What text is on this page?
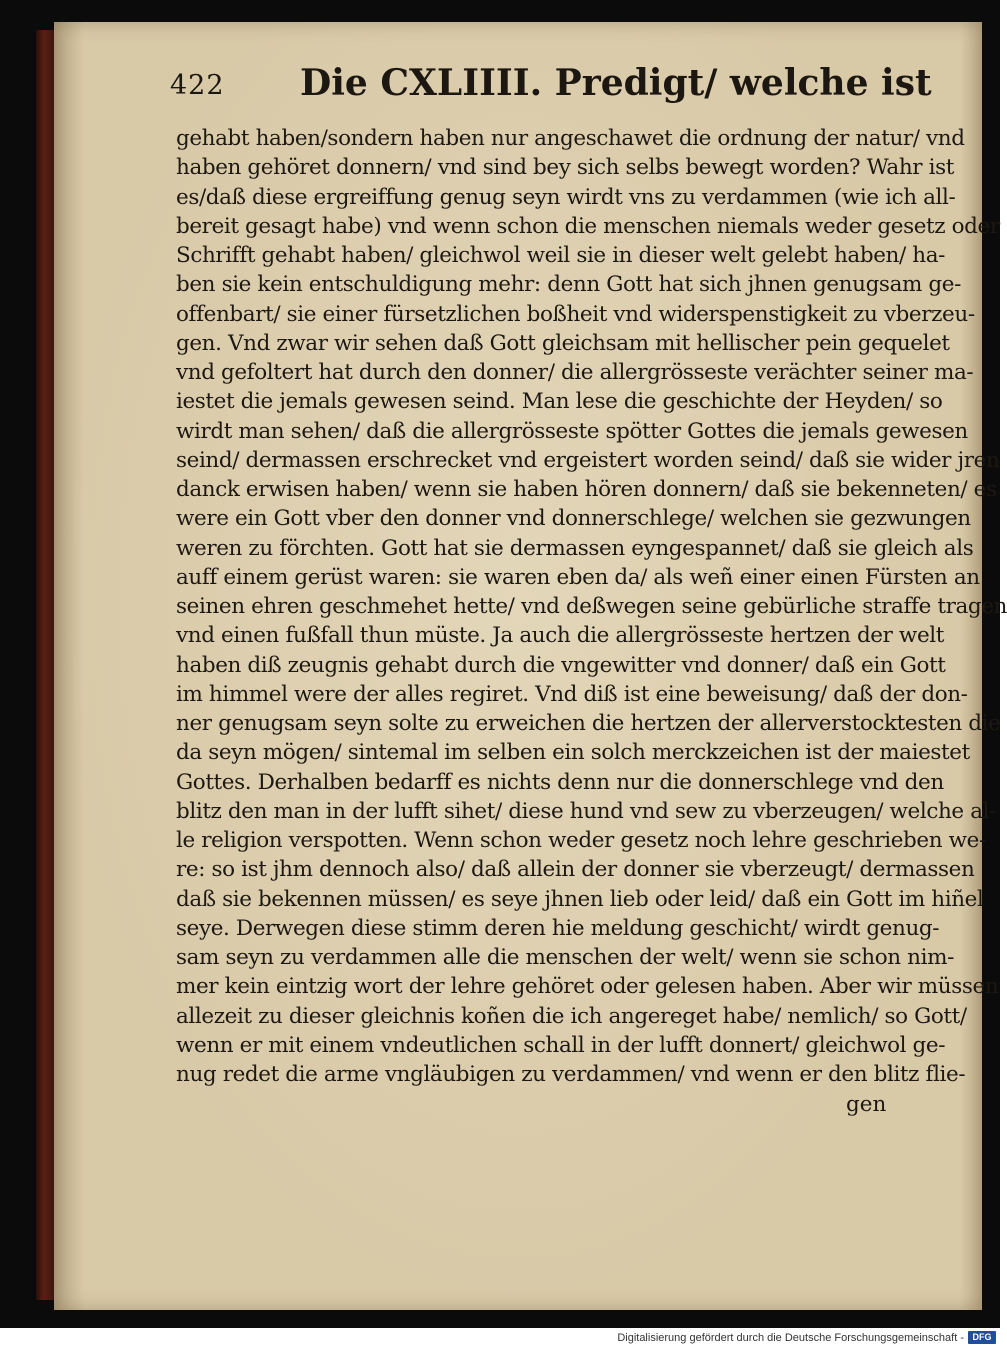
422 Die CXLIIII. Predigt/ welche ist
gehabt haben/sondern haben nur angeschawet die ordnung der natur/ vnd
haben gehöret donnern/ vnd sind bey sich selbs bewegt worden? Wahr ist
es/daß diese ergreiffung genug seyn wirdt vns zu verdammen (wie ich all-
bereit gesagt habe) vnd wenn schon die menschen niemals weder gesetz oder
Schrifft gehabt haben/ gleichwol weil sie in dieser welt gelebt haben/ ha-
ben sie kein entschuldigung mehr: denn Gott hat sich jhnen genugsam ge-
offenbart/ sie einer fürsetzlichen boßheit vnd widerspenstigkeit zu vberzeu-
gen. Vnd zwar wir sehen daß Gott gleichsam mit hellischer pein gequelet
vnd gefoltert hat durch den donner/ die allergrösseste verächter seiner ma-
iestet die jemals gewesen seind. Man lese die geschichte der Heyden/ so
wirdt man sehen/ daß die allergrösseste spötter Gottes die jemals gewesen
seind/ dermassen erschrecket vnd ergeistert worden seind/ daß sie wider jren
danck erwisen haben/ wenn sie haben hören donnern/ daß sie bekenneten/ es
were ein Gott vber den donner vnd donnerschlege/ welchen sie gezwungen
weren zu förchten. Gott hat sie dermassen eyngespannet/ daß sie gleich als
auff einem gerüst waren: sie waren eben da/ als weñ einer einen Fürsten an
seinen ehren geschmehet hette/ vnd deßwegen seine gebürliche straffe tragen
vnd einen fußfall thun müste. Ja auch die allergrösseste hertzen der welt
haben diß zeugnis gehabt durch die vngewitter vnd donner/ daß ein Gott
im himmel were der alles regiret. Vnd diß ist eine beweisung/ daß der don-
ner genugsam seyn solte zu erweichen die hertzen der allerverstocktesten die
da seyn mögen/ sintemal im selben ein solch merckzeichen ist der maiestet
Gottes. Derhalben bedarff es nichts denn nur die donnerschlege vnd den
blitz den man in der lufft sihet/ diese hund vnd sew zu vberzeugen/ welche al-
le religion verspotten. Wenn schon weder gesetz noch lehre geschrieben we-
re: so ist jhm dennoch also/ daß allein der donner sie vberzeugt/ dermassen
daß sie bekennen müssen/ es seye jhnen lieb oder leid/ daß ein Gott im hiñel
seye. Derwegen diese stimm deren hie meldung geschicht/ wirdt genug-
sam seyn zu verdammen alle die menschen der welt/ wenn sie schon nim-
mer kein eintzig wort der lehre gehöret oder gelesen haben. Aber wir müssen
allezeit zu dieser gleichnis koñen die ich angereget habe/ nemlich/ so Gott/
wenn er mit einem vndeutlichen schall in der lufft donnert/ gleichwol ge-
nug redet die arme vngläubigen zu verdammen/ vnd wenn er den blitz flie-
gen
Digitalisierung gefördert durch die Deutsche Forschungsgemeinschaft - DFG
